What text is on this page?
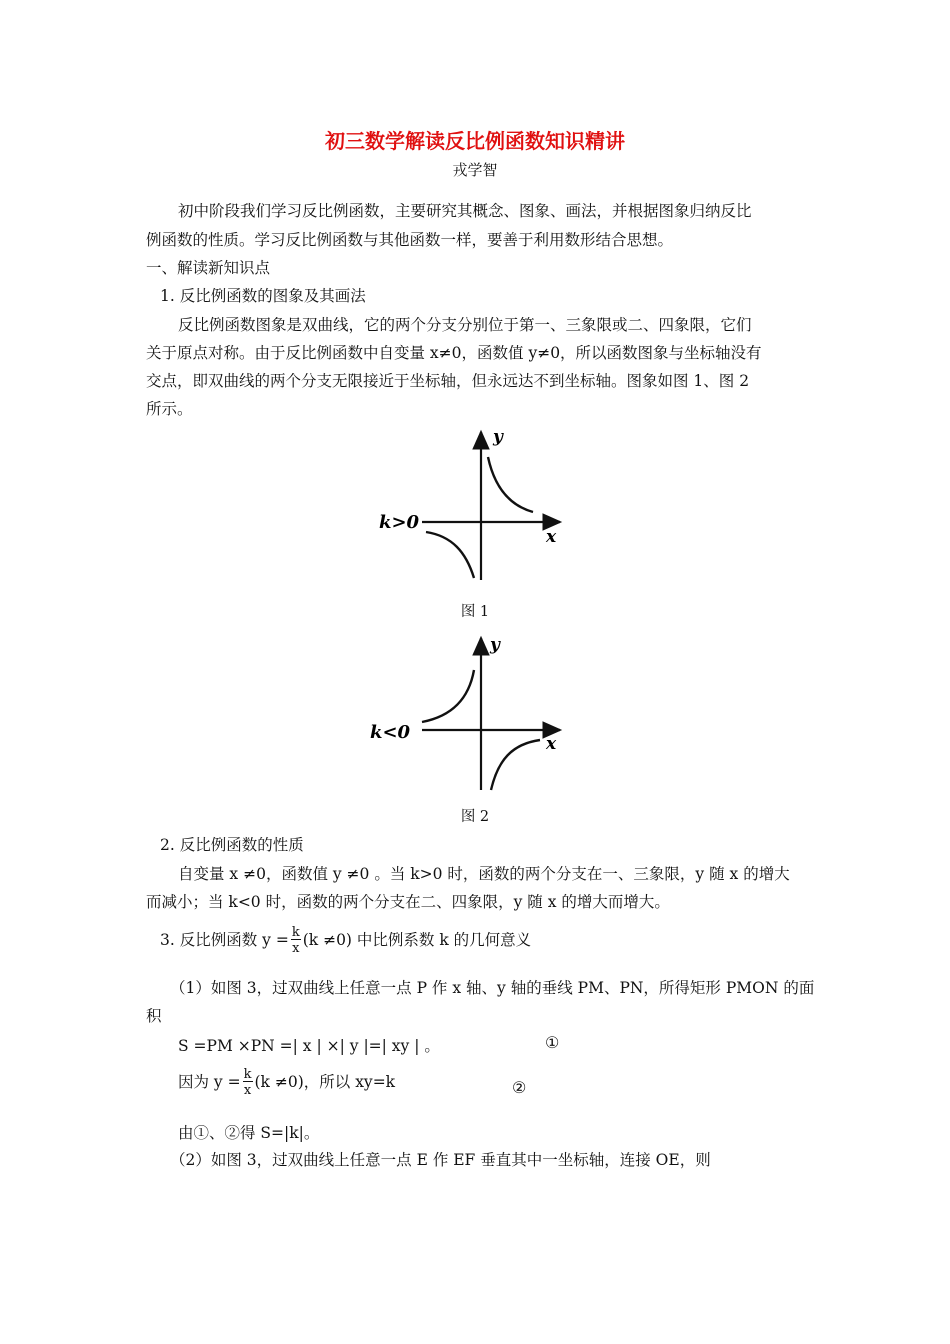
初三数学解读反比例函数知识精讲
戎学智
初中阶段我们学习反比例函数，主要研究其概念、图象、画法，并根据图象归纳反比
例函数的性质。学习反比例函数与其他函数一样，要善于利用数形结合思想。
一、解读新知识点
1. 反比例函数的图象及其画法
反比例函数图象是双曲线，它的两个分支分别位于第一、三象限或二、四象限，它们
关于原点对称。由于反比例函数中自变量 x≠0，函数值 y≠0，所以函数图象与坐标轴没有
交点，即双曲线的两个分支无限接近于坐标轴，但永远达不到坐标轴。图象如图 1、图 2
所示。
k>0
y
x
图 1
k<0
y
x
图 2
2. 反比例函数的性质
自变量 x ≠0，函数值 y ≠0 。当 k>0 时，函数的两个分支在一、三象限，y 随 x 的增大
而减小；当 k<0 时，函数的两个分支在二、四象限，y 随 x 的增大而增大。
3. 反比例函数 $y = \frac{k}{x} (k \ne 0)$ 中比例系数 k 的几何意义
（1）如图 3，过双曲线上任意一点 P 作 x 轴、y 轴的垂线 PM、PN，所得矩形 PMON 的面
积
S =PM ×PN =| x | ×| y |=| xy | 。	①
因为 $y = \frac{k}{x} (k \ne 0)$，所以 xy=k	②
由①、②得 S=|k|。
（2）如图 3，过双曲线上任意一点 E 作 EF 垂直其中一坐标轴，连接 OE，则
